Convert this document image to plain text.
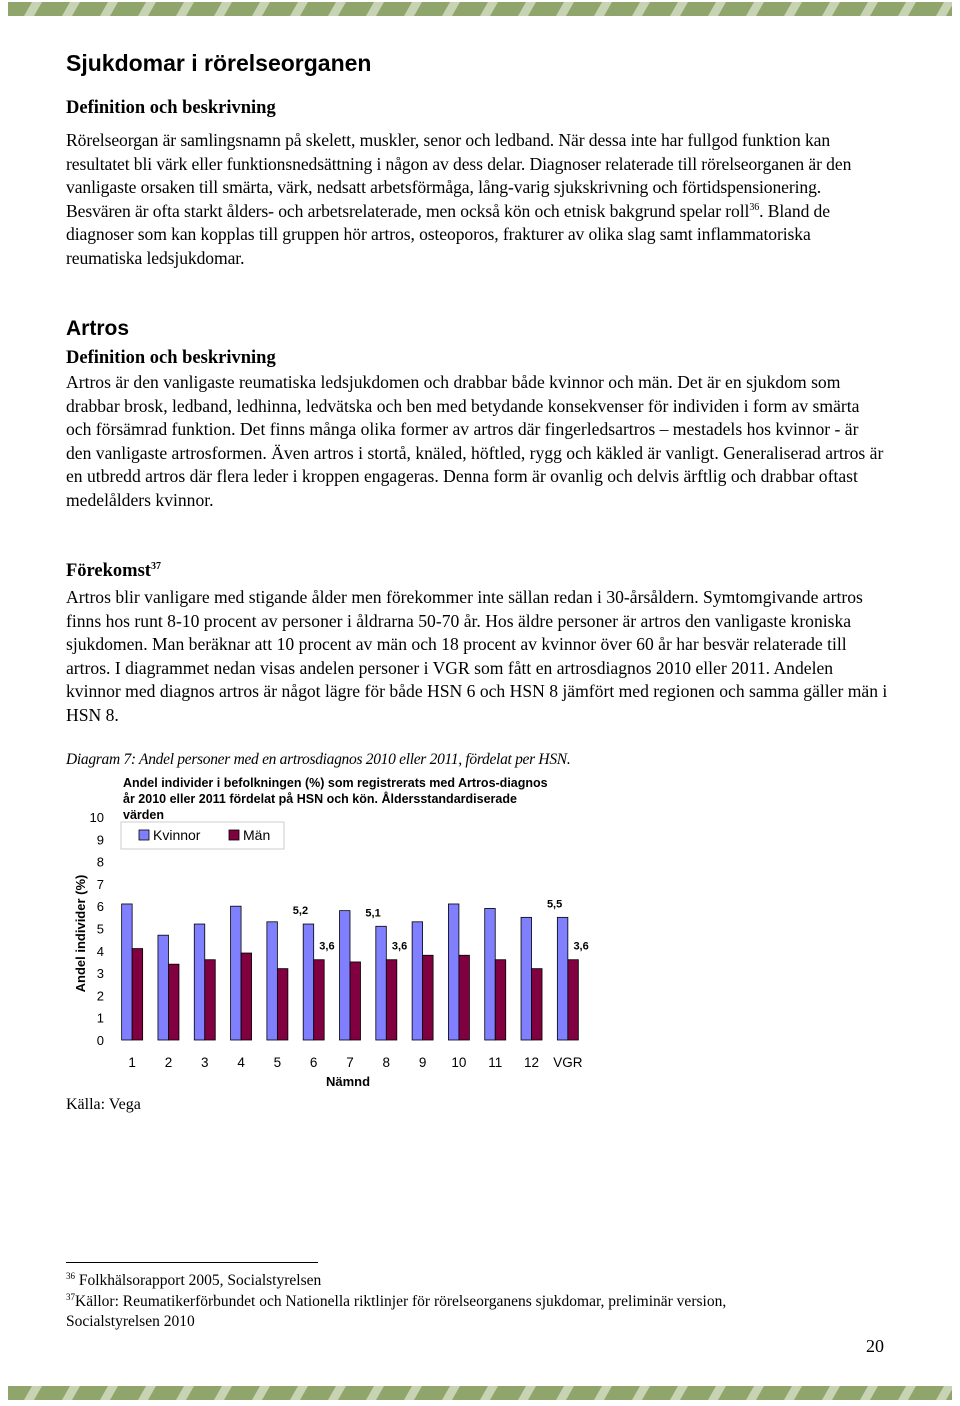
Sjukdomar i rörelseorganen
Definition och beskrivning

Rörelseorgan är samlingsnamn på skelett, muskler, senor och ledband. När dessa inte har fullgod funktion kan resultatet bli värk eller funktionsnedsättning i någon av dess delar. Diagnoser relaterade till rörelseorganen är den vanligaste orsaken till smärta, värk, nedsatt arbetsförmåga, lång-varig sjukskrivning och förtidspensionering. Besvären är ofta starkt ålders- och arbetsrelaterade, men också kön och etnisk bakgrund spelar roll$^{36}$. Bland de diagnoser som kan kopplas till gruppen hör artros, osteoporos, frakturer av olika slag samt inflammatoriska reumatiska ledsjukdomar.

Artros
Definition och beskrivning

Artros är den vanligaste reumatiska ledsjukdomen och drabbar både kvinnor och män. Det är en sjukdom som drabbar brosk, ledband, ledhinna, ledvätska och ben med betydande konsekvenser för individen i form av smärta och försämrad funktion. Det finns många olika former av artros där fingerledsartros – mestadels hos kvinnor - är den vanligaste artrosformen. Även artros i stortå, knäled, höftled, rygg och käkled är vanligt. Generaliserad artros är en utbredd artros där flera leder i kroppen engageras. Denna form är ovanlig och delvis ärftlig och drabbar oftast medelålders kvinnor.

Förekomst$^{37}$

Artros blir vanligare med stigande ålder men förekommer inte sällan redan i 30-årsåldern. Symtomgivande artros finns hos runt 8-10 procent av personer i åldrarna 50-70 år. Hos äldre personer är artros den vanligaste kroniska sjukdomen. Man beräknar att 10 procent av män och 18 procent av kvinnor över 60 år har besvär relaterade till artros. I diagrammet nedan visas andelen personer i VGR som fått en artrosdiagnos 2010 eller 2011. Andelen kvinnor med diagnos artros är något lägre för både HSN 6 och HSN 8 jämfört med regionen och samma gäller män i HSN 8.

Diagram 7: Andel personer med en artrosdiagnos 2010 eller 2011, fördelat per HSN.

Källa: Vega

Andel individer i befolkningen (%) som registrerats med Artros-diagnos
år 2010 eller 2011 fördelat på HSN och kön. Åldersstandardiserade
värden
0
1
2
3
4
5
6
7
8
9
10
Andel individer (%)
1 2 3 4 5 6 7 8 9 10 11 12 VGR
5,2
3,6
5,1
3,6
5,5
3,6
Nämnd
Kvinnor	Män

$^{36}$ Folkhälsorapport 2005, Socialstyrelsen

$^{37}$Källor: Reumatikerförbundet och Nationella riktlinjer för rörelseorganens sjukdomar, preliminär version,

Socialstyrelsen 2010

20
